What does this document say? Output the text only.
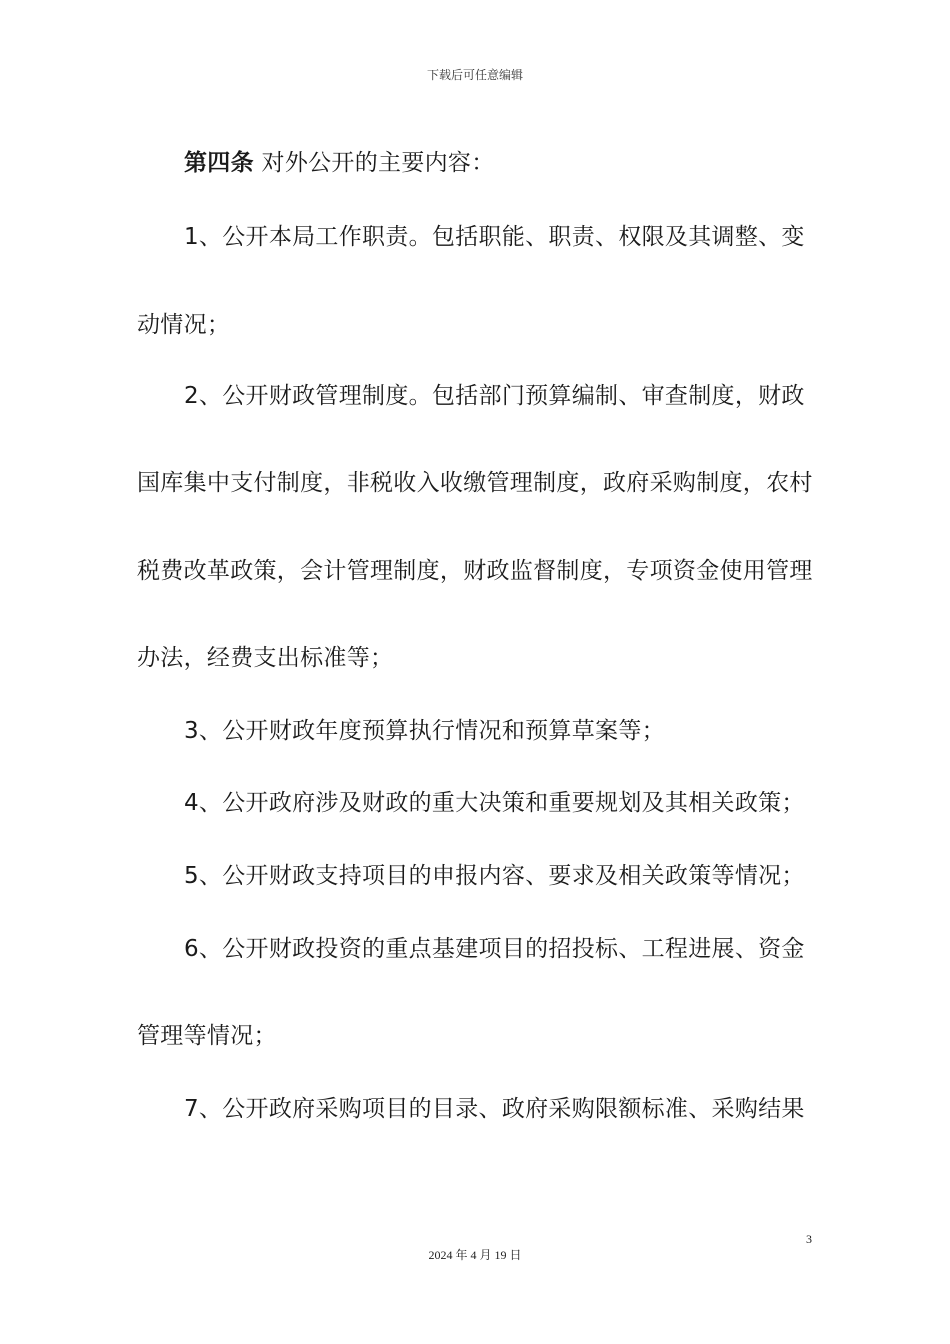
下载后可任意编辑
第四条 对外公开的主要内容：
1、公开本局工作职责。包括职能、职责、权限及其调整、变
动情况；
2、公开财政管理制度。包括部门预算编制、审查制度，财政
国库集中支付制度，非税收入收缴管理制度，政府采购制度，农村
税费改革政策，会计管理制度，财政监督制度，专项资金使用管理
办法，经费支出标准等；
3、公开财政年度预算执行情况和预算草案等；
4、公开政府涉及财政的重大决策和重要规划及其相关政策；
5、公开财政支持项目的申报内容、要求及相关政策等情况；
6、公开财政投资的重点基建项目的招投标、工程进展、资金
管理等情况；
7、公开政府采购项目的目录、政府采购限额标准、采购结果
3
2024 年 4 月 19 日
